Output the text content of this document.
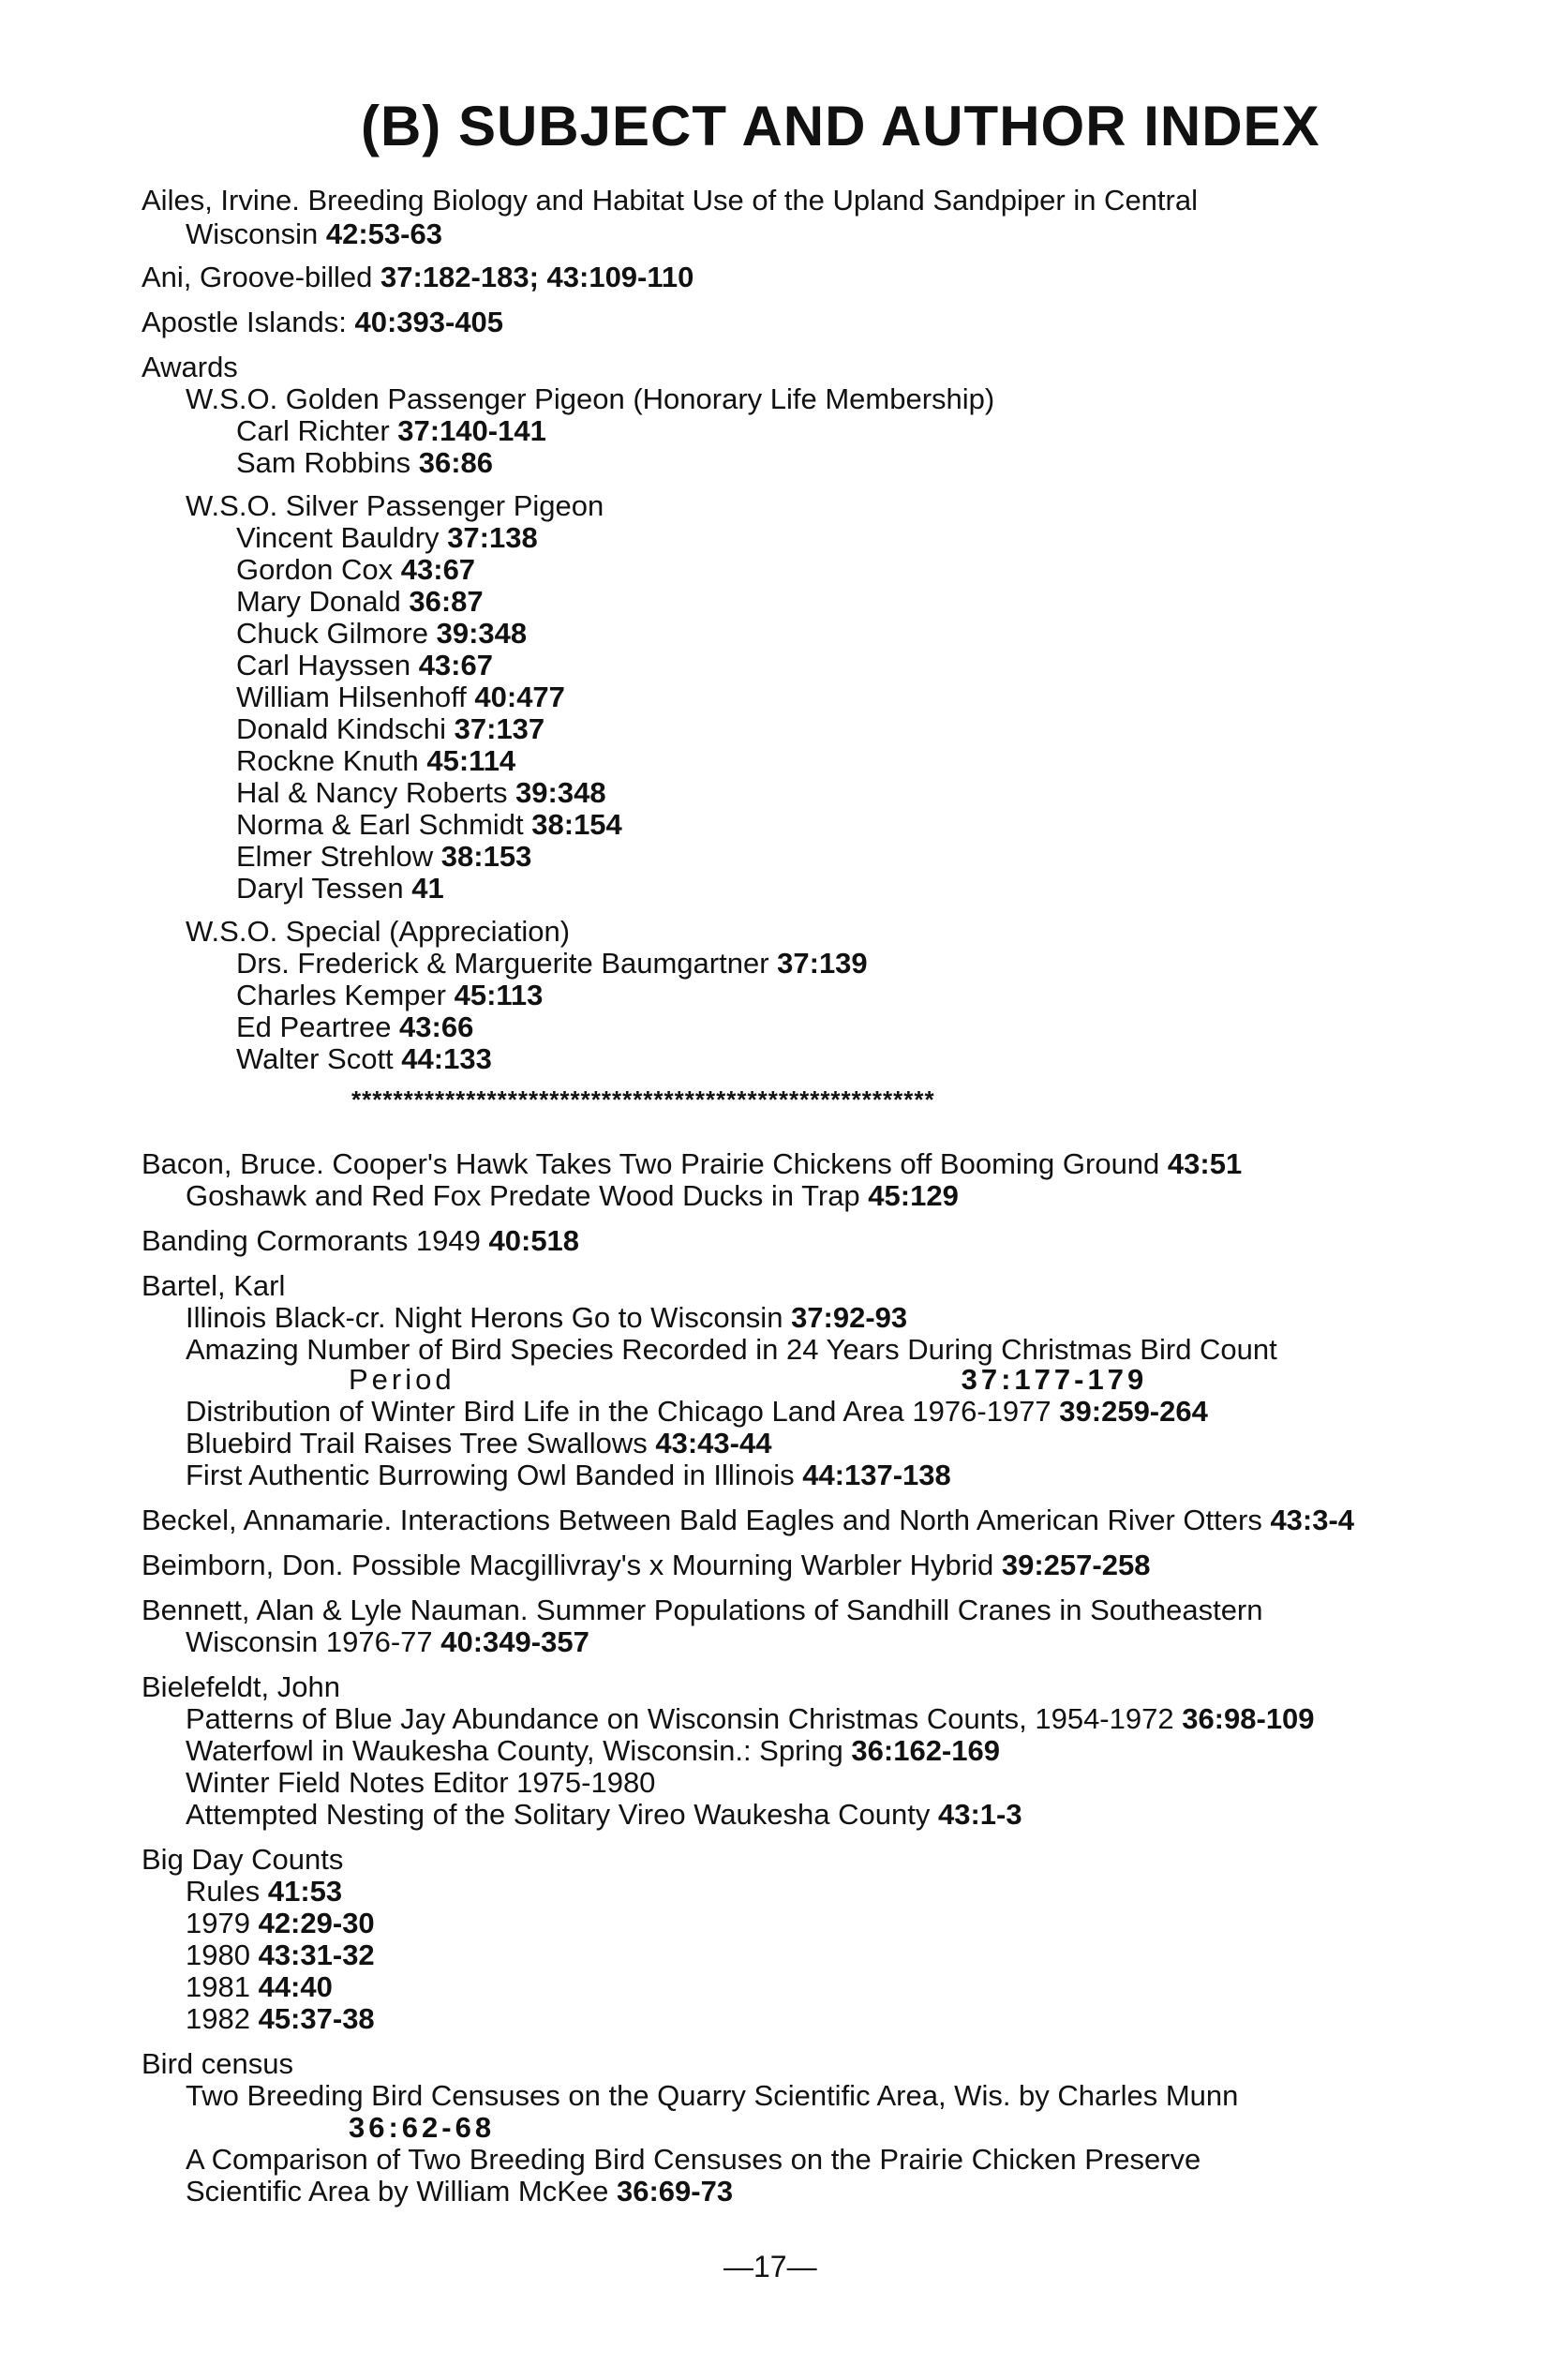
(B) SUBJECT AND AUTHOR INDEX

Ailes, Irvine. Breeding Biology and Habitat Use of the Upland Sandpiper in Central

Wisconsin 42:53-63

Ani, Groove-billed 37:182-183; 43:109-110

Apostle Islands: 40:393-405

Awards

W.S.O. Golden Passenger Pigeon (Honorary Life Membership)

Carl Richter 37:140-141

Sam Robbins 36:86

W.S.O. Silver Passenger Pigeon

Vincent Bauldry 37:138

Gordon Cox 43:67

Mary Donald 36:87

Chuck Gilmore 39:348

Carl Hayssen 43:67

William Hilsenhoff 40:477

Donald Kindschi 37:137

Rockne Knuth 45:114

Hal & Nancy Roberts 39:348

Norma & Earl Schmidt 38:154

Elmer Strehlow 38:153

Daryl Tessen 41

W.S.O. Special (Appreciation)

Drs. Frederick & Marguerite Baumgartner 37:139

Charles Kemper 45:113

Ed Peartree 43:66

Walter Scott 44:133

********************************************************

Bacon, Bruce. Cooper's Hawk Takes Two Prairie Chickens off Booming Ground 43:51

Goshawk and Red Fox Predate Wood Ducks in Trap 45:129

Banding Cormorants 1949 40:518

Bartel, Karl

Illinois Black-cr. Night Herons Go to Wisconsin 37:92-93

Amazing Number of Bird Species Recorded in 24 Years During Christmas Bird Count

Period	37:177-179

Distribution of Winter Bird Life in the Chicago Land Area 1976-1977 39:259-264

Bluebird Trail Raises Tree Swallows 43:43-44

First Authentic Burrowing Owl Banded in Illinois 44:137-138

Beckel, Annamarie. Interactions Between Bald Eagles and North American River Otters 43:3-4

Beimborn, Don. Possible Macgillivray's x Mourning Warbler Hybrid 39:257-258

Bennett, Alan & Lyle Nauman. Summer Populations of Sandhill Cranes in Southeastern

Wisconsin 1976-77 40:349-357

Bielefeldt, John

Patterns of Blue Jay Abundance on Wisconsin Christmas Counts, 1954-1972 36:98-109

Waterfowl in Waukesha County, Wisconsin.: Spring 36:162-169

Winter Field Notes Editor 1975-1980

Attempted Nesting of the Solitary Vireo Waukesha County 43:1-3

Big Day Counts

Rules 41:53

1979 42:29-30

1980 43:31-32

1981 44:40

1982 45:37-38

Bird census

Two Breeding Bird Censuses on the Quarry Scientific Area, Wis. by Charles Munn

36:62-68

A Comparison of Two Breeding Bird Censuses on the Prairie Chicken Preserve

Scientific Area by William McKee 36:69-73

—17—
